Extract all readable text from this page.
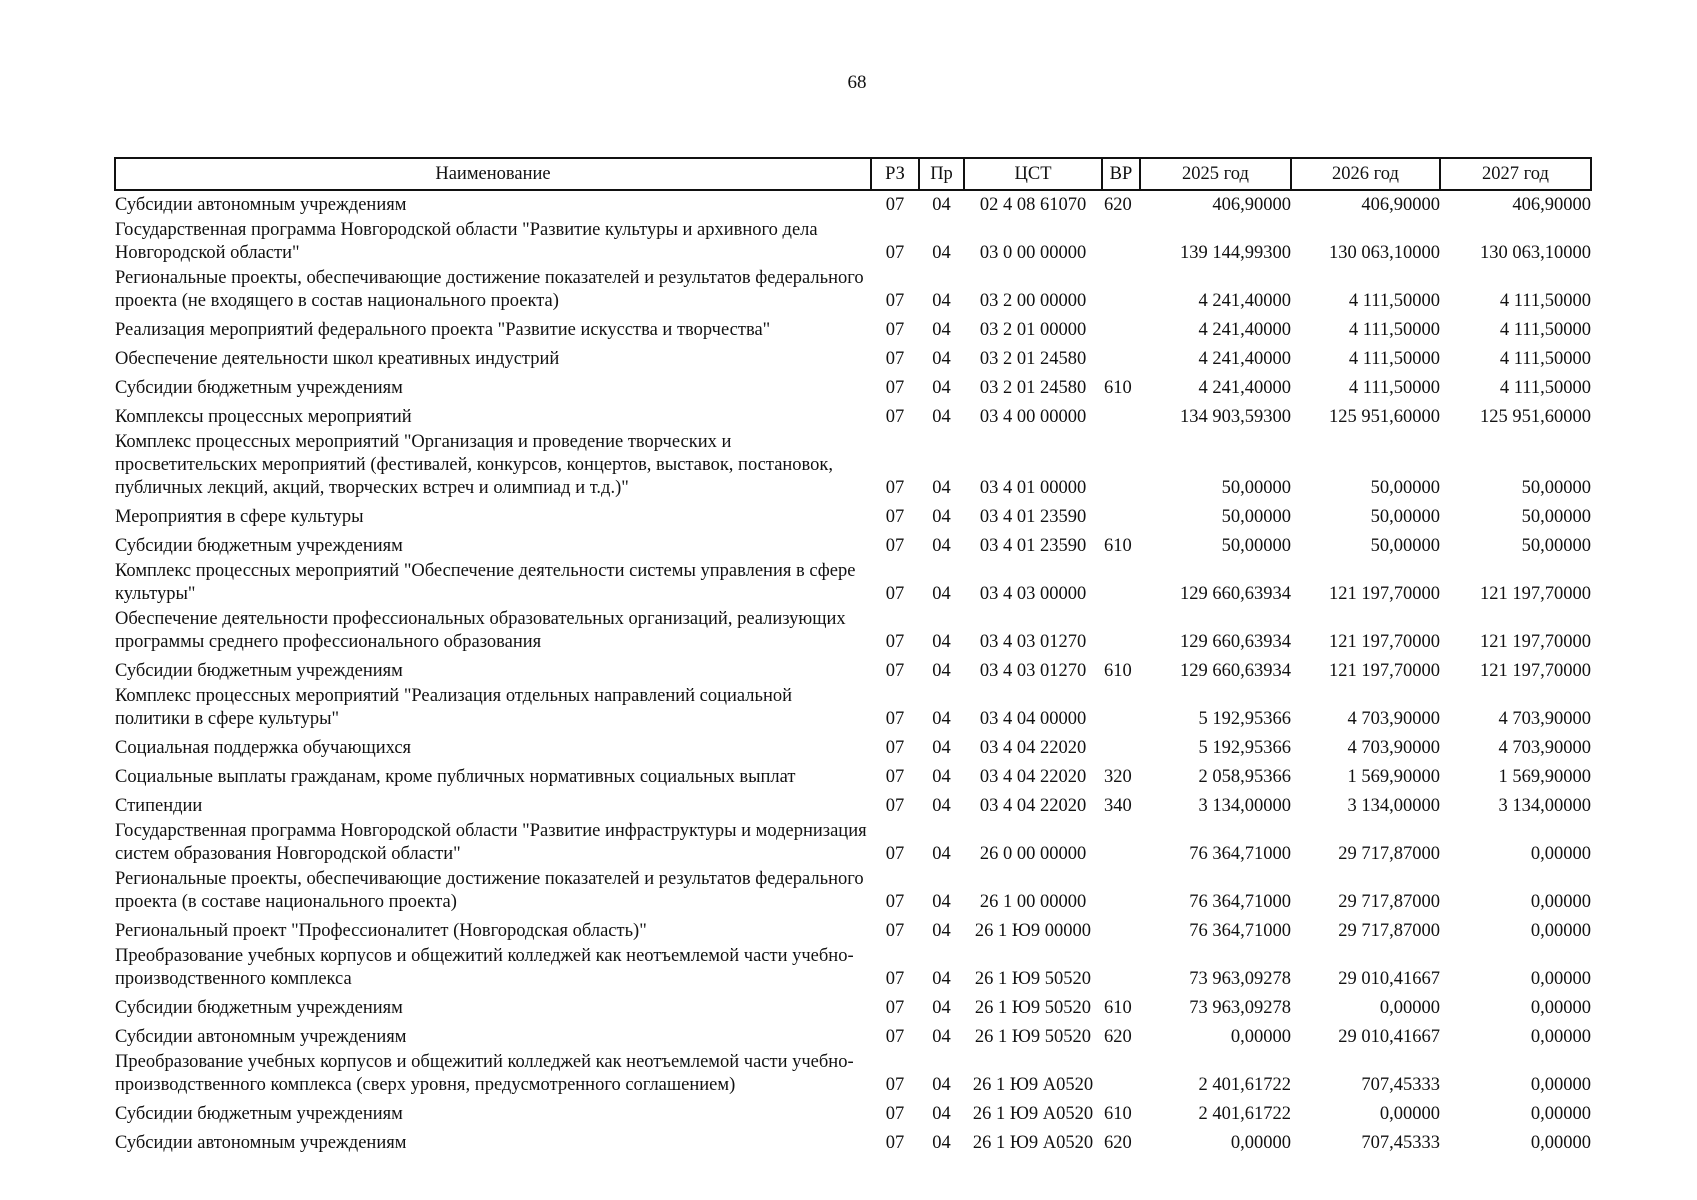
68
Наименование	РЗ	Пр	ЦСТ	ВР	2025 год	2026 год	2027 год
Субсидии автономным учреждениям	07	04	02 4 08 61070	620	406,90000	406,90000	406,90000
Государственная программа Новгородской области "Развитие культуры и архивного дела Новгородской области"	07	04	03 0 00 00000		139 144,99300	130 063,10000	130 063,10000
Региональные проекты, обеспечивающие достижение показателей и результатов федерального проекта (не входящего в состав национального проекта)	07	04	03 2 00 00000		4 241,40000	4 111,50000	4 111,50000
Реализация мероприятий федерального проекта "Развитие искусства и творчества"	07	04	03 2 01 00000		4 241,40000	4 111,50000	4 111,50000
Обеспечение деятельности школ креативных индустрий	07	04	03 2 01 24580		4 241,40000	4 111,50000	4 111,50000
Субсидии бюджетным учреждениям	07	04	03 2 01 24580	610	4 241,40000	4 111,50000	4 111,50000
Комплексы процессных мероприятий	07	04	03 4 00 00000		134 903,59300	125 951,60000	125 951,60000
Комплекс процессных мероприятий "Организация и проведение творческих и просветительских мероприятий (фестивалей, конкурсов, концертов, выставок, постановок, публичных лекций, акций, творческих встреч и олимпиад и т.д.)"	07	04	03 4 01 00000		50,00000	50,00000	50,00000
Мероприятия в сфере культуры	07	04	03 4 01 23590		50,00000	50,00000	50,00000
Субсидии бюджетным учреждениям	07	04	03 4 01 23590	610	50,00000	50,00000	50,00000
Комплекс процессных мероприятий "Обеспечение деятельности системы управления в сфере культуры"	07	04	03 4 03 00000		129 660,63934	121 197,70000	121 197,70000
Обеспечение деятельности профессиональных образовательных организаций, реализующих программы среднего профессионального образования	07	04	03 4 03 01270		129 660,63934	121 197,70000	121 197,70000
Субсидии бюджетным учреждениям	07	04	03 4 03 01270	610	129 660,63934	121 197,70000	121 197,70000
Комплекс процессных мероприятий "Реализация отдельных направлений социальной политики в сфере культуры"	07	04	03 4 04 00000		5 192,95366	4 703,90000	4 703,90000
Социальная поддержка обучающихся	07	04	03 4 04 22020		5 192,95366	4 703,90000	4 703,90000
Социальные выплаты гражданам, кроме публичных нормативных социальных выплат	07	04	03 4 04 22020	320	2 058,95366	1 569,90000	1 569,90000
Стипендии	07	04	03 4 04 22020	340	3 134,00000	3 134,00000	3 134,00000
Государственная программа Новгородской области "Развитие инфраструктуры и модернизация систем образования Новгородской области"	07	04	26 0 00 00000		76 364,71000	29 717,87000	0,00000
Региональные проекты, обеспечивающие достижение показателей и результатов федерального проекта (в составе национального проекта)	07	04	26 1 00 00000		76 364,71000	29 717,87000	0,00000
Региональный проект "Профессионалитет (Новгородская область)"	07	04	26 1 Ю9 00000		76 364,71000	29 717,87000	0,00000
Преобразование учебных корпусов и общежитий колледжей как неотъемлемой части учебно-производственного комплекса	07	04	26 1 Ю9 50520		73 963,09278	29 010,41667	0,00000
Субсидии бюджетным учреждениям	07	04	26 1 Ю9 50520	610	73 963,09278	0,00000	0,00000
Субсидии автономным учреждениям	07	04	26 1 Ю9 50520	620	0,00000	29 010,41667	0,00000
Преобразование учебных корпусов и общежитий колледжей как неотъемлемой части учебно-производственного комплекса (сверх уровня, предусмотренного соглашением)	07	04	26 1 Ю9 А0520		2 401,61722	707,45333	0,00000
Субсидии бюджетным учреждениям	07	04	26 1 Ю9 А0520	610	2 401,61722	0,00000	0,00000
Субсидии автономным учреждениям	07	04	26 1 Ю9 А0520	620	0,00000	707,45333	0,00000
